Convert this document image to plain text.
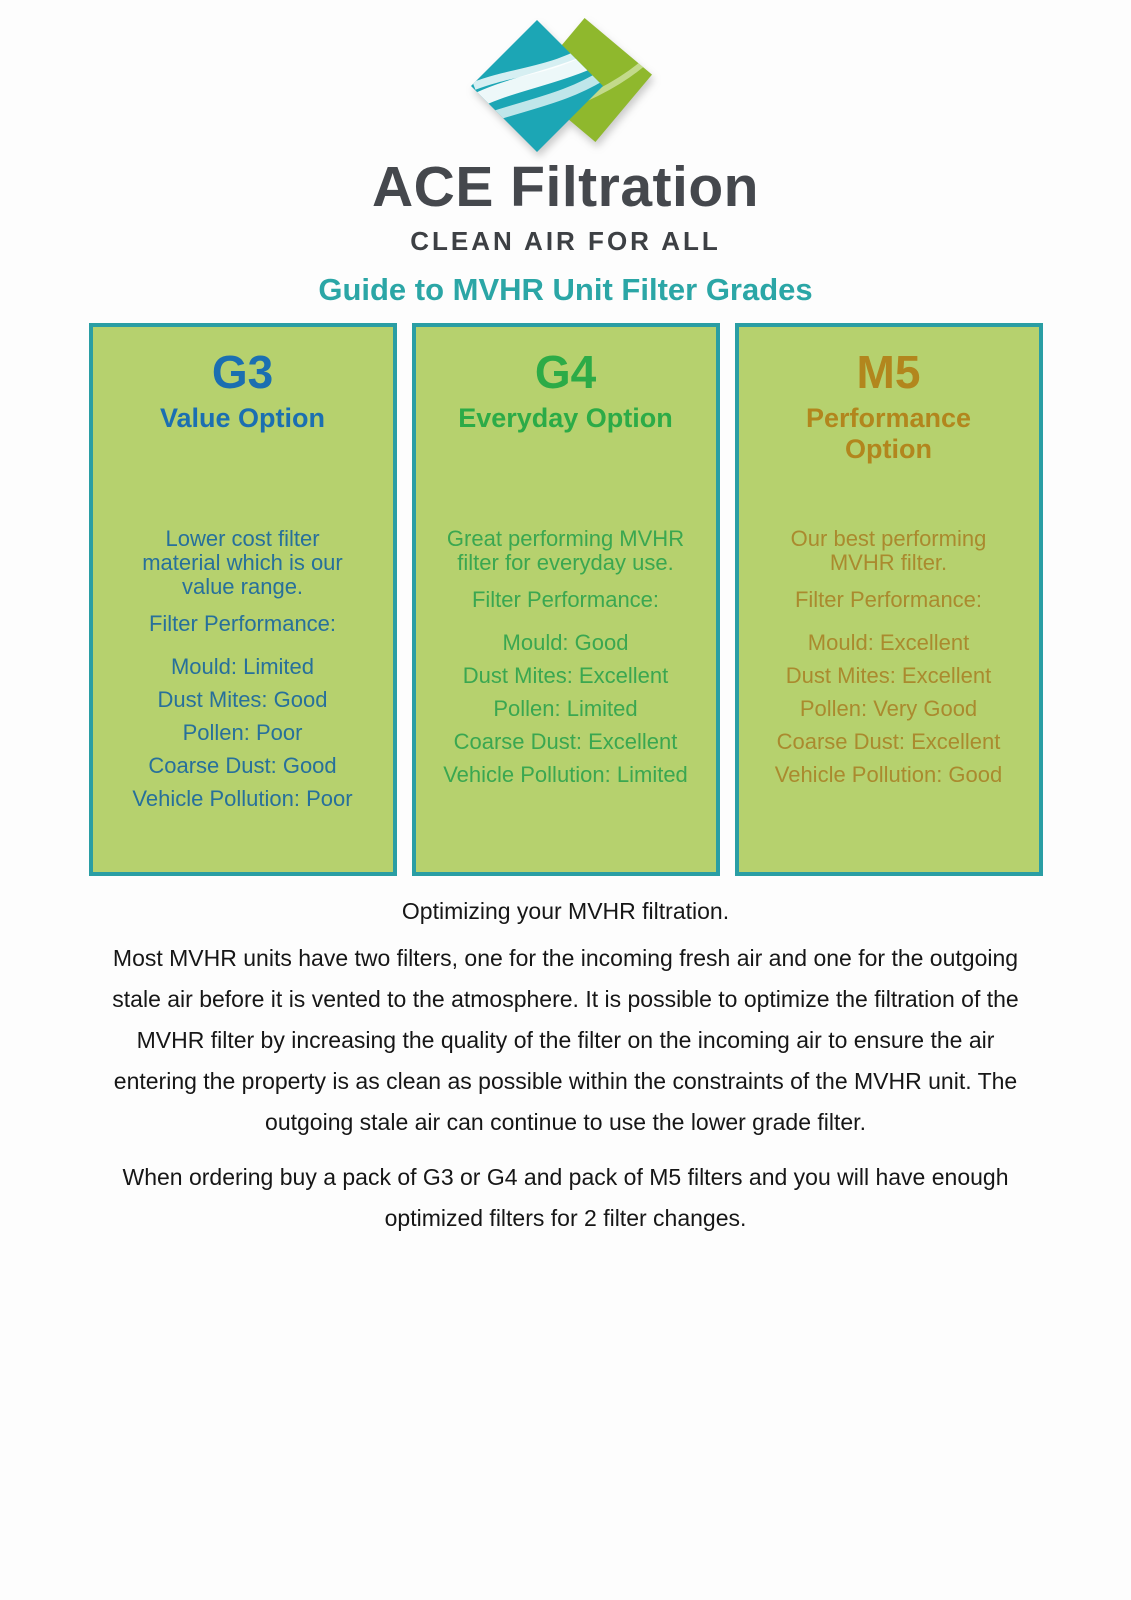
ACE Filtration
CLEAN AIR FOR ALL
Guide to MVHR Unit Filter Grades
G3
Value Option
Lower cost filter material which is our value range.
Filter Performance:
Mould: Limited
Dust Mites: Good
Pollen: Poor
Coarse Dust: Good
Vehicle Pollution: Poor
G4
Everyday Option
Great performing MVHR filter for everyday use.
Filter Performance:
Mould: Good
Dust Mites: Excellent
Pollen: Limited
Coarse Dust: Excellent
Vehicle Pollution: Limited
M5
Performance Option
Our best performing MVHR filter.
Filter Performance:
Mould: Excellent
Dust Mites: Excellent
Pollen: Very Good
Coarse Dust: Excellent
Vehicle Pollution: Good
Optimizing your MVHR filtration.

Most MVHR units have two filters, one for the incoming fresh air and one for the outgoing stale air before it is vented to the atmosphere. It is possible to optimize the filtration of the MVHR filter by increasing the quality of the filter on the incoming air to ensure the air entering the property is as clean as possible within the constraints of the MVHR unit. The outgoing stale air can continue to use the lower grade filter.

When ordering buy a pack of G3 or G4 and pack of M5 filters and you will have enough optimized filters for 2 filter changes.
